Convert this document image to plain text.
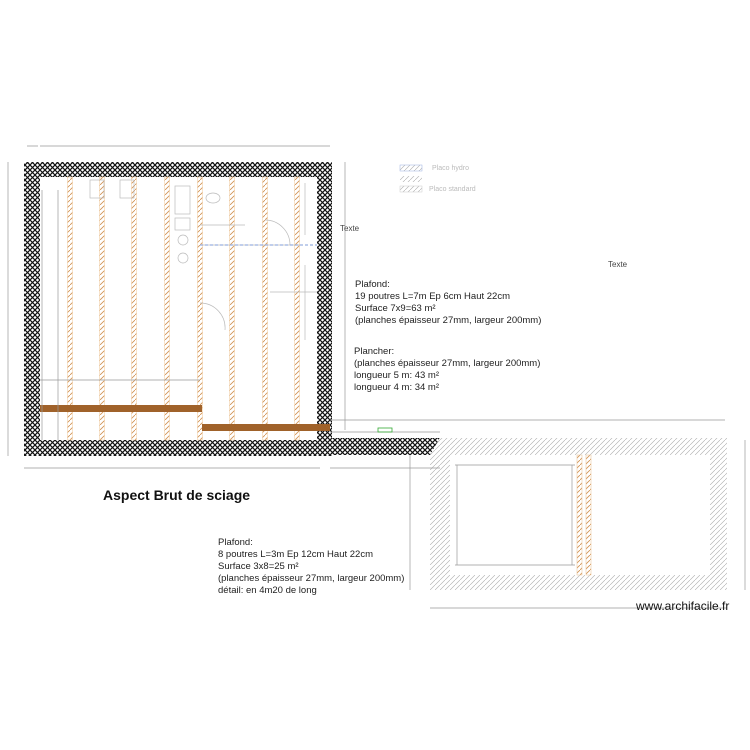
Placo hydro
Placo standard
Texte
Texte
Plafond:
19 poutres L=7m Ep 6cm Haut 22cm
Surface 7x9=63 m²
(planches épaisseur 27mm, largeur 200mm)
Plancher:
(planches épaisseur 27mm, largeur 200mm)
longueur 5 m: 43 m²
longueur 4 m: 34 m²
Aspect Brut de sciage
Plafond:
8 poutres L=3m Ep 12cm Haut 22cm
Surface 3x8=25 m²
(planches épaisseur 27mm, largeur 200mm)
détail: en 4m20 de long
www.archifacile.fr
